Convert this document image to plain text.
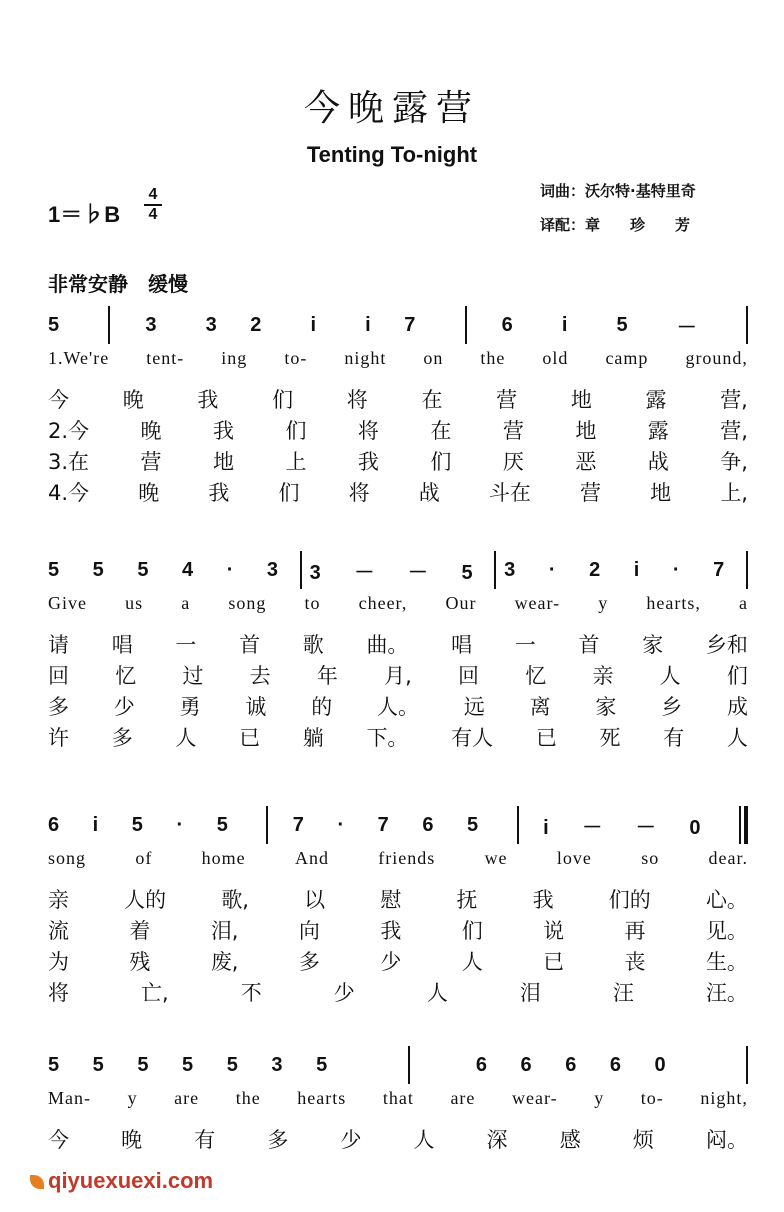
今晚露营
Tenting To-night
词曲：沃尔特·基特里奇
译配：章　　珍　　芳
1＝♭B
4
4
非常安静　缓慢
5	3 3 2 i i 7	6 i 5 －
1.We're tent- ing to- night on the old camp ground,
今	晚	我	们	将	在	营	地	露	营,
2.今 晚 我 们 将 在 营 地 露 营,
3.在 营 地 上 我 们 厌 恶 战 争,
4.今 晚 我 们 将 战 斗在 营 地 上,
5 5 5 4 · 3 3 － － 5 3 · 2 i · 7
Give us a song to cheer, Our wear- y hearts, a
请 唱 一 首 歌 曲。 唱 一 首 家 乡和
回 忆 过 去 年 月, 回 忆 亲 人 们
多 少 勇 诚 的 人。 远 离 家 乡 成
许 多 人 已 躺 下。 有人 已 死 有 人
6 i 5 · 5	7 · 7 6 5	i － － 0
song	of	home	And	friends	we	love	so	dear.
亲	人的	歌,	以	慰	抚	我	们的	心。
流	着	泪,	向	我	们	说	再	见。
为	残	废,	多	少	人	已	丧	生。
将	亡,	不	少	人	泪	汪	汪。
5 5 5 5 5 3 5	6 6 6 6 0
Man- y are the hearts that are wear- y to- night,
今 晚 有 多 少 人 深 感 烦 闷。
qiyuexuexi.com
